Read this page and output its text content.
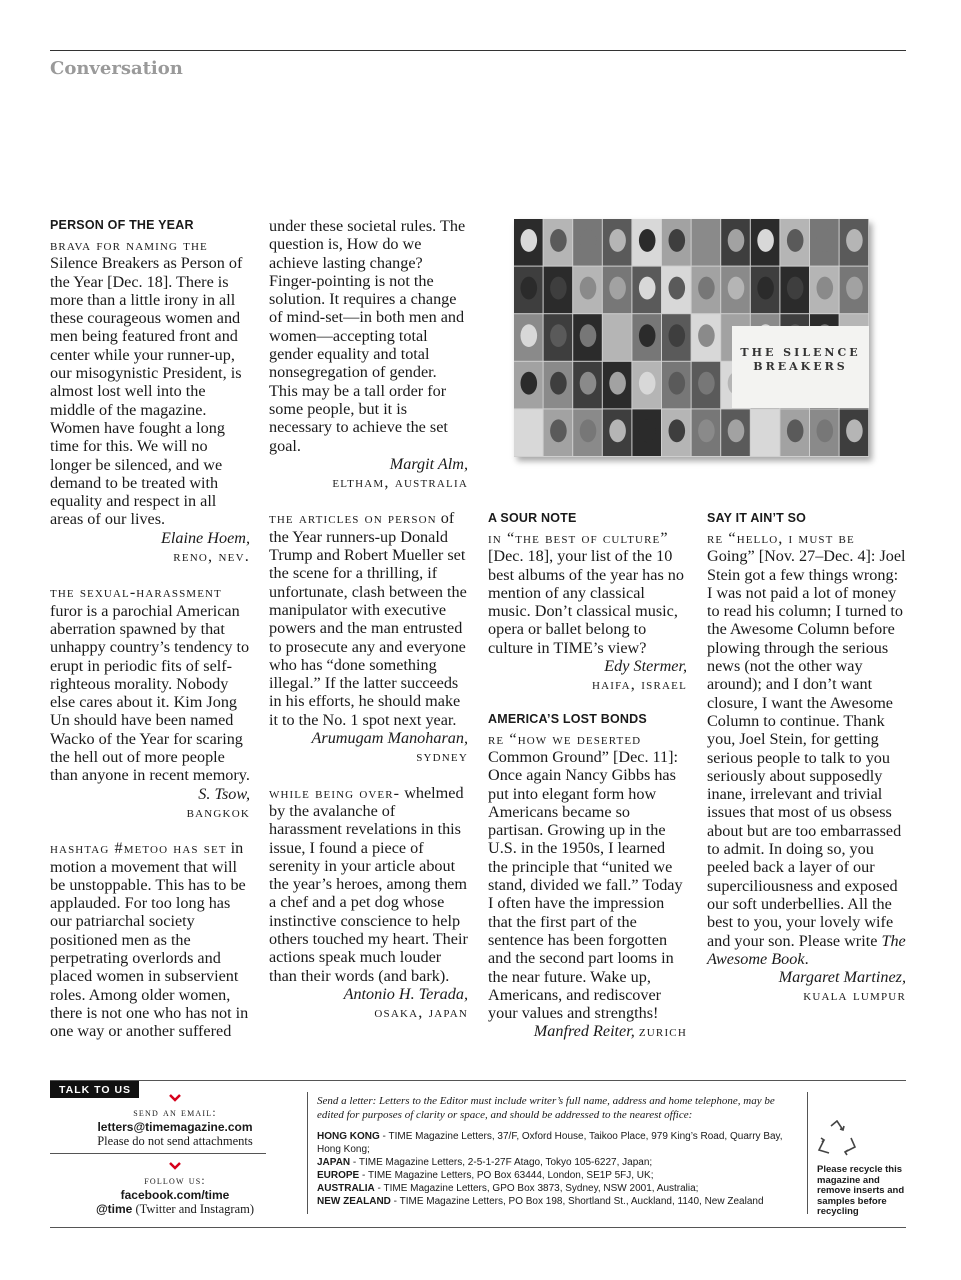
Conversation
PERSON OF THE YEAR

brava for naming the Silence Breakers as Person of the Year [Dec. 18]. There is more than a little irony in all these courageous women and men being featured front and center while your runner-up, our misogynistic President, is almost lost well into the middle of the magazine. Women have fought a long time for this. We will no longer be silenced, and we demand to be treated with equality and respect in all areas of our lives.

Elaine Hoem,
reno, nev.

the sexual-harassment furor is a parochial American aberration spawned by that unhappy country’s tendency to erupt in periodic fits of self-righteous morality. Nobody else cares about it. Kim Jong Un should have been named Wacko of the Year for scaring the hell out of more people than anyone in recent memory.

S. Tsow,
bangkok

hashtag #metoo has set in motion a movement that will be unstoppable. This has to be applauded. For too long has our patriarchal society positioned men as the perpetrating overlords and placed women in subservient roles. Among older women, there is not one who has not in one way or another suffered

under these societal rules. The question is, How do we achieve lasting change? Finger-pointing is not the solution. It requires a change of mind-set—in both men and women—accepting total gender equality and total nonsegregation of gender. This may be a tall order for some people, but it is necessary to achieve the set goal.

Margit Alm,
eltham, australia

the articles on person of the Year runners-up Donald Trump and Robert Mueller set the scene for a thrilling, if unfortunate, clash between the manipulator with executive powers and the man entrusted to prosecute any and everyone who has “done something illegal.” If the latter succeeds in his efforts, he should make it to the No. 1 spot next year.

Arumugam Manoharan,
sydney

while being over- whelmed by the avalanche of harassment revelations in this issue, I found a piece of serenity in your article about the year’s heroes, among them a chef and a pet dog whose instinctive conscience to help others touched my heart. Their actions speak much louder than their words (and bark).

Antonio H. Terada,
osaka, japan
THE SILENCE
BREAKERS
A SOUR NOTE

in “the best of culture” [Dec. 18], your list of the 10 best albums of the year has no mention of any classical music. Don’t classical music, opera or ballet belong to culture in TIME’s view?

Edy Stermer,
haifa, israel
AMERICA’S LOST BONDS

re “how we deserted Common Ground” [Dec. 11]: Once again Nancy Gibbs has put into elegant form how Americans became so partisan. Growing up in the U.S. in the 1950s, I learned the principle that “united we stand, divided we fall.” Today I often have the impression that the first part of the sentence has been forgotten and the second part looms in the near future. Wake up, Americans, and rediscover your values and strengths!

Manfred Reiter, zurich
SAY IT AIN’T SO

re “hello, i must be Going” [Nov. 27–Dec. 4]: Joel Stein got a few things wrong: I was not paid a lot of money to read his column; I turned to the Awesome Column before plowing through the serious news (not the other way around); and I don’t want closure, I want the Awesome Column to continue. Thank you, Joel Stein, for getting serious people to talk to you seriously about supposedly inane, irrelevant and trivial issues that most of us obsess about but are too embarrassed to admit. In doing so, you peeled back a layer of our superciliousness and exposed our soft underbellies. All the best to you, your lovely wife and your son. Please write The Awesome Book.

Margaret Martinez,
kuala lumpur
TALK TO US
send an email:
letters@timemagazine.com
Please do not send attachments
follow us:
facebook.com/time
@time (Twitter and Instagram)
Send a letter: Letters to the Editor must include writer’s full name, address and home telephone, may be edited for purposes of clarity or space, and should be addressed to the nearest office:
HONG KONG - TIME Magazine Letters, 37/F, Oxford House, Taikoo Place, 979 King’s Road, Quarry Bay, Hong Kong;
JAPAN - TIME Magazine Letters, 2-5-1-27F Atago, Tokyo 105-6227, Japan;
EUROPE - TIME Magazine Letters, PO Box 63444, London, SE1P 5FJ, UK;
AUSTRALIA - TIME Magazine Letters, GPO Box 3873, Sydney, NSW 2001, Australia;
NEW ZEALAND - TIME Magazine Letters, PO Box 198, Shortland St., Auckland, 1140, New Zealand
Please recycle this magazine and remove inserts and samples before recycling
